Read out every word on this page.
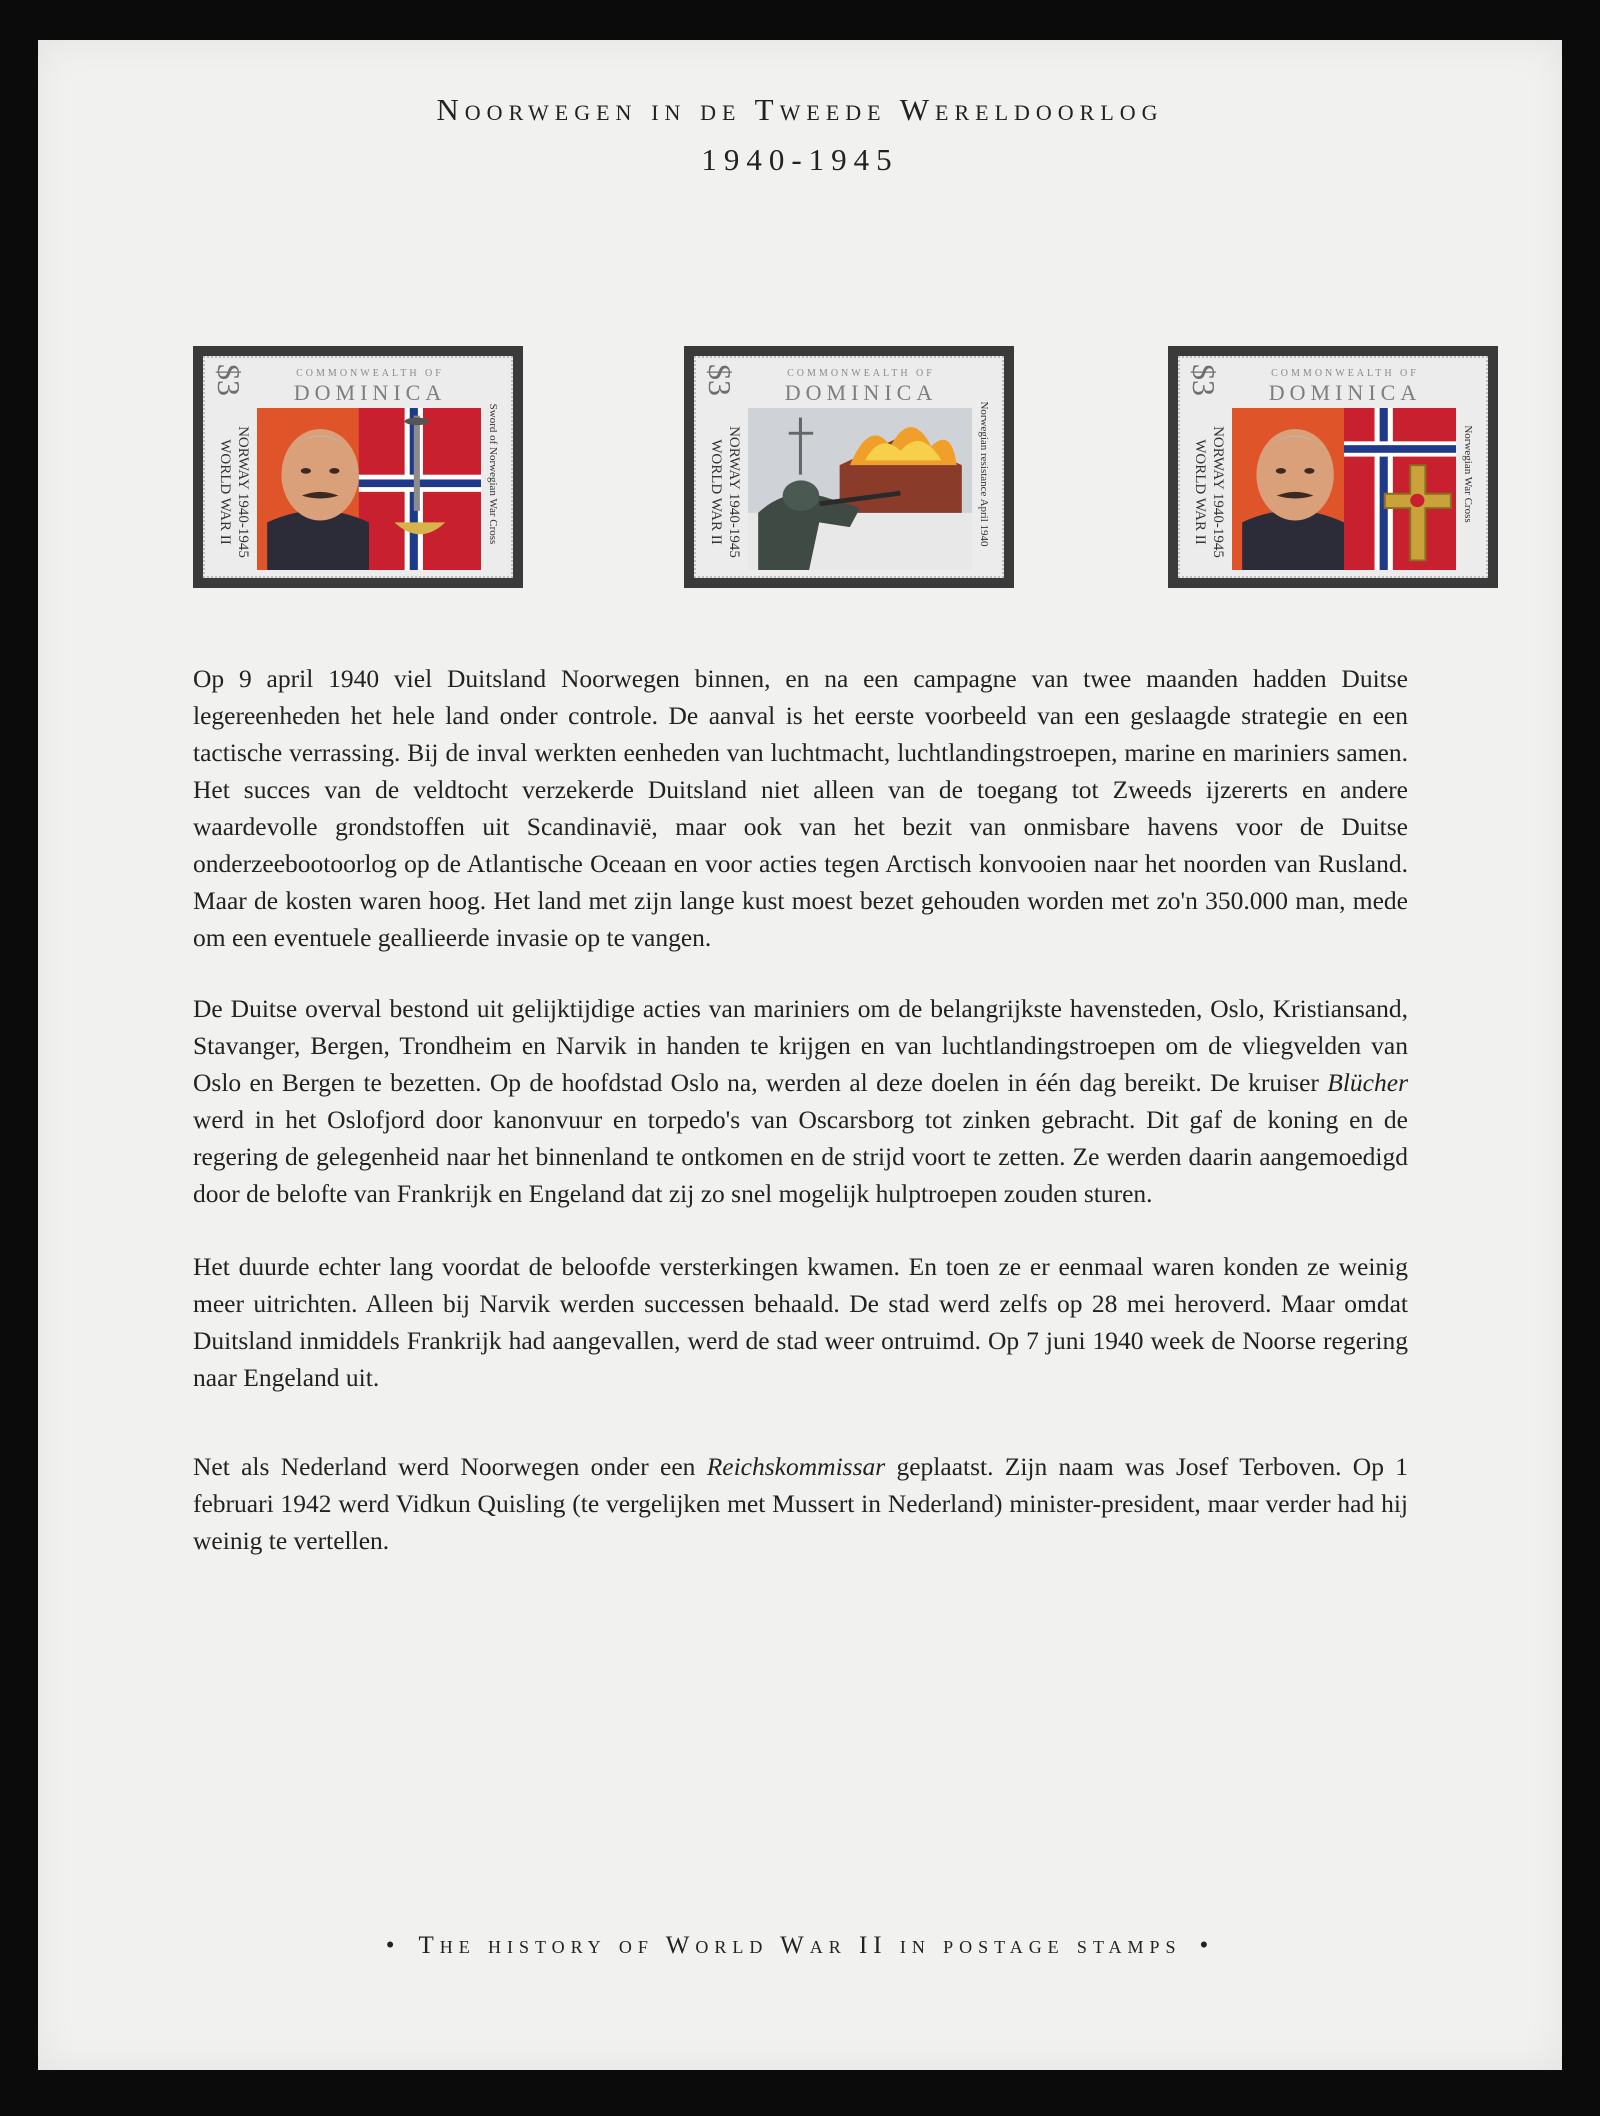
Noorwegen in de Tweede Wereldoorlog
1940-1945
$3	COMMONWEALTH OF
DOMINICA
NORWAY 1940-1945
WORLD WAR II	Sword of Norwegian War Cross
$3	COMMONWEALTH OF
DOMINICA
NORWAY 1940-1945
WORLD WAR II	Norwegian resistance April 1940
$3	COMMONWEALTH OF
DOMINICA
NORWAY 1940-1945
WORLD WAR II	Norwegian War Cross

Op 9 april 1940 viel Duitsland Noorwegen binnen, en na een campagne van twee maanden hadden Duitse legereenheden het hele land onder controle. De aanval is het eerste voorbeeld van een geslaagde strategie en een tactische verrassing. Bij de inval werkten eenheden van luchtmacht, luchtlandingstroepen, marine en mariniers samen. Het succes van de veldtocht verzekerde Duitsland niet alleen van de toegang tot Zweeds ijzererts en andere waardevolle grondstoffen uit Scandinavië, maar ook van het bezit van onmisbare havens voor de Duitse onderzeebootoorlog op de Atlantische Oceaan en voor acties tegen Arctisch konvooien naar het noorden van Rusland. Maar de kosten waren hoog. Het land met zijn lange kust moest bezet gehouden worden met zo'n 350.000 man, mede om een eventuele geallieerde invasie op te vangen.

De Duitse overval bestond uit gelijktijdige acties van mariniers om de belangrijkste havensteden, Oslo, Kristiansand, Stavanger, Bergen, Trondheim en Narvik in handen te krijgen en van luchtlandingstroepen om de vliegvelden van Oslo en Bergen te bezetten. Op de hoofdstad Oslo na, werden al deze doelen in één dag bereikt. De kruiser Blücher werd in het Oslofjord door kanonvuur en torpedo's van Oscarsborg tot zinken gebracht. Dit gaf de koning en de regering de gelegenheid naar het binnenland te ontkomen en de strijd voort te zetten. Ze werden daarin aangemoedigd door de belofte van Frankrijk en Engeland dat zij zo snel mogelijk hulptroepen zouden sturen.

Het duurde echter lang voordat de beloofde versterkingen kwamen. En toen ze er eenmaal waren konden ze weinig meer uitrichten. Alleen bij Narvik werden successen behaald. De stad werd zelfs op 28 mei heroverd. Maar omdat Duitsland inmiddels Frankrijk had aangevallen, werd de stad weer ontruimd. Op 7 juni 1940 week de Noorse regering naar Engeland uit.

Net als Nederland werd Noorwegen onder een Reichskommissar geplaatst. Zijn naam was Josef Terboven. Op 1 februari 1942 werd Vidkun Quisling (te vergelijken met Mussert in Nederland) minister-president, maar verder had hij weinig te vertellen.

• The history of World War II in postage stamps •
